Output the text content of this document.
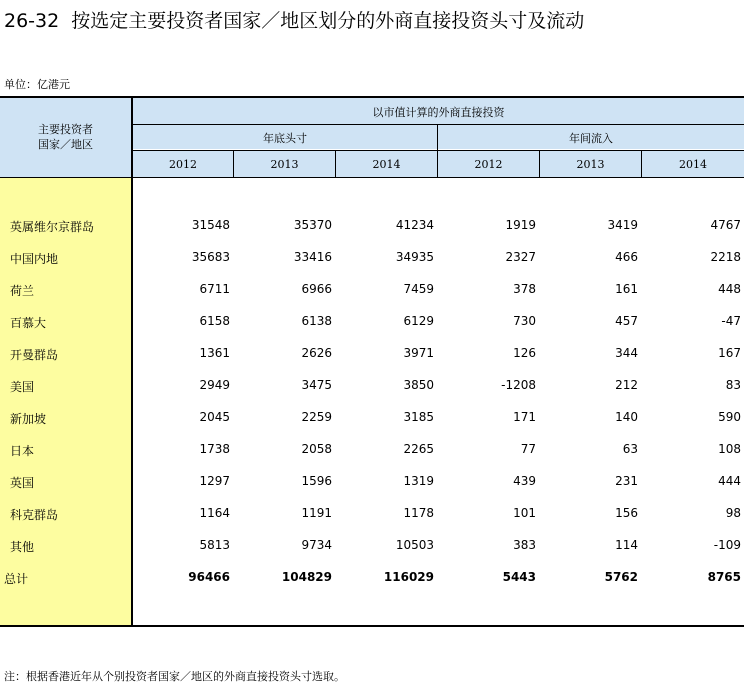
26-32 按选定主要投资者国家／地区划分的外商直接投资头寸及流动
单位：亿港元
主要投资者
国家／地区
以市值计算的外商直接投资
年底头寸	年间流入
2012	2013	2014	2012	2013	2014
英属维尔京群岛	31548	35370	41234	1919	3419	4767
中国内地	35683	33416	34935	2327	466	2218
荷兰	6711	6966	7459	378	161	448
百慕大	6158	6138	6129	730	457	-47
开曼群岛	1361	2626	3971	126	344	167
美国	2949	3475	3850	-1208	212	83
新加坡	2045	2259	3185	171	140	590
日本	1738	2058	2265	77	63	108
英国	1297	1596	1319	439	231	444
科克群岛	1164	1191	1178	101	156	98
其他	5813	9734	10503	383	114	-109
总计	96466	104829	116029	5443	5762	8765
注：根据香港近年从个别投资者国家／地区的外商直接投资头寸选取。
